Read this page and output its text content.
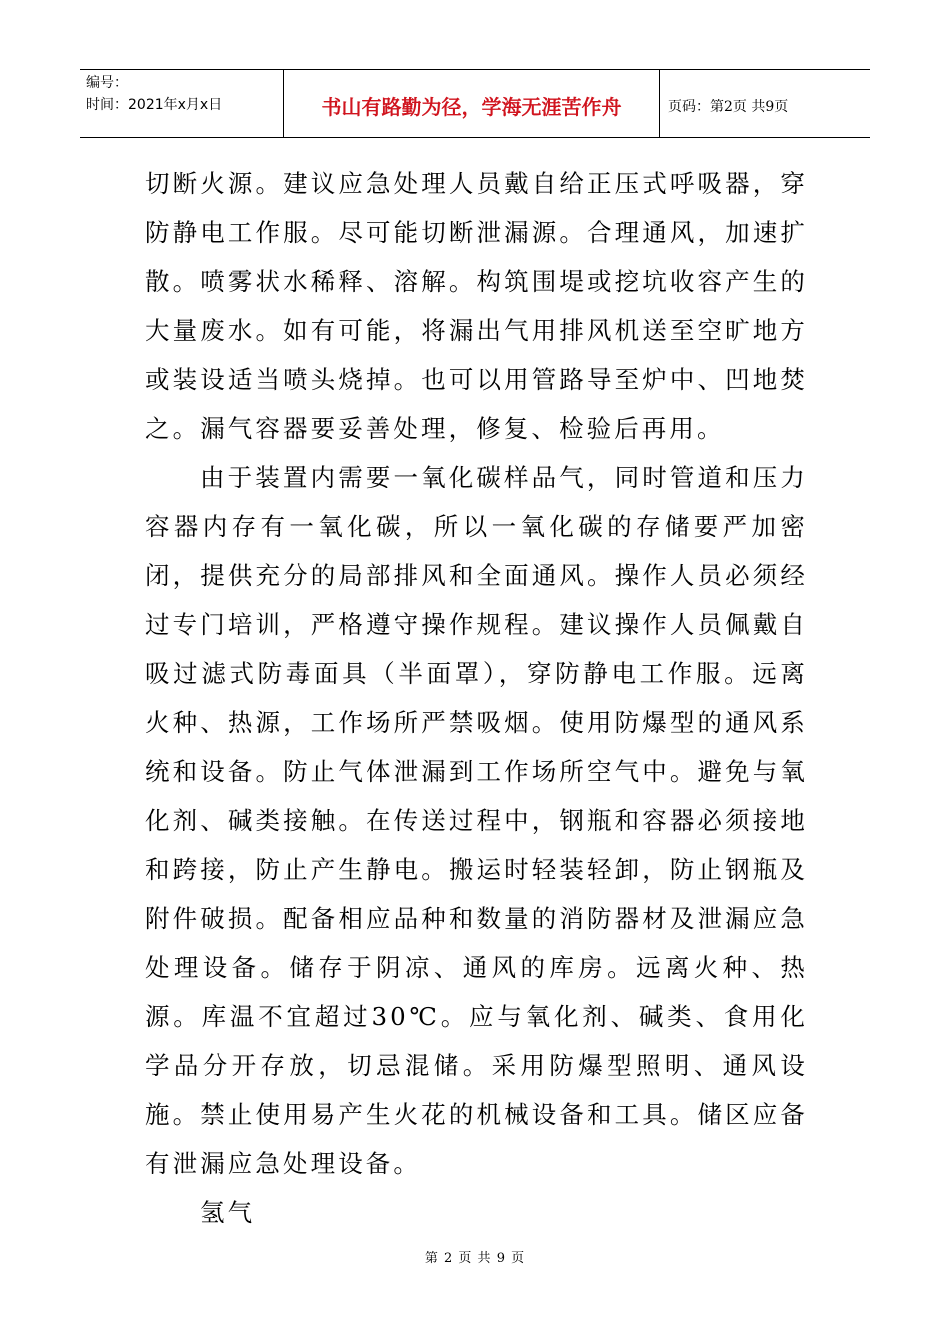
编号：
时间：2021年x月x日	书山有路勤为径，学海无涯苦作舟	页码：第2页 共9页

切断火源。建议应急处理人员戴自给正压式呼吸器，穿防静电工作服。尽可能切断泄漏源。合理通风，加速扩散。喷雾状水稀释、溶解。构筑围堤或挖坑收容产生的大量废水。如有可能，将漏出气用排风机送至空旷地方或装设适当喷头烧掉。也可以用管路导至炉中、凹地焚之。漏气容器要妥善处理，修复、检验后再用。

由于装置内需要一氧化碳样品气，同时管道和压力容器内存有一氧化碳，所以一氧化碳的存储要严加密闭，提供充分的局部排风和全面通风。操作人员必须经过专门培训，严格遵守操作规程。建议操作人员佩戴自吸过滤式防毒面具（半面罩），穿防静电工作服。远离火种、热源，工作场所严禁吸烟。使用防爆型的通风系统和设备。防止气体泄漏到工作场所空气中。避免与氧化剂、碱类接触。在传送过程中，钢瓶和容器必须接地和跨接，防止产生静电。搬运时轻装轻卸，防止钢瓶及附件破损。配备相应品种和数量的消防器材及泄漏应急处理设备。储存于阴凉、通风的库房。远离火种、热源。库温不宜超过30℃。应与氧化剂、碱类、食用化学品分开存放，切忌混储。采用防爆型照明、通风设施。禁止使用易产生火花的机械设备和工具。储区应备有泄漏应急处理设备。

氢气

第 2 页 共 9 页
